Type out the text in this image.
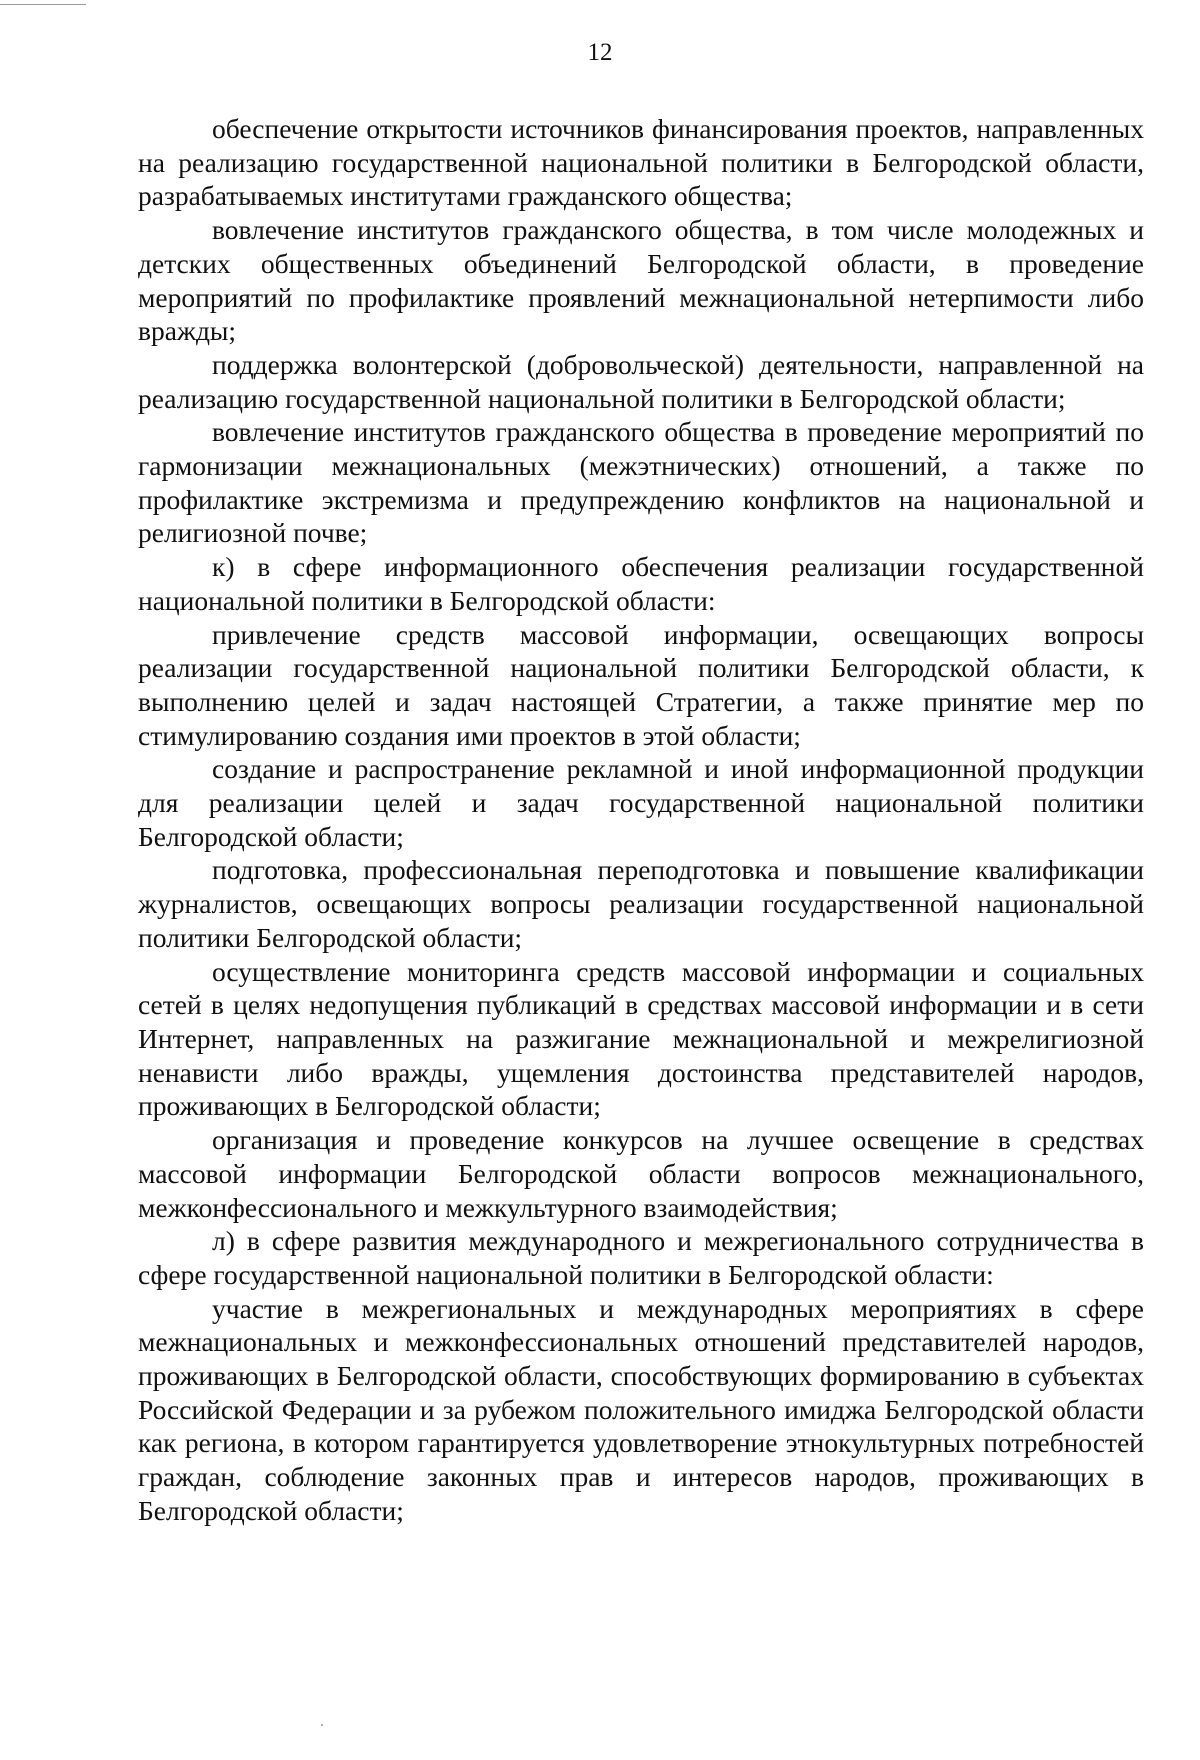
12

обеспечение открытости источников финансирования проектов, направленных на реализацию государственной национальной политики в Белгородской области, разрабатываемых институтами гражданского общества;

вовлечение институтов гражданского общества, в том числе молодежных и детских общественных объединений Белгородской области, в проведение мероприятий по профилактике проявлений межнациональной нетерпимости либо вражды;

поддержка волонтерской (добровольческой) деятельности, направленной на реализацию государственной национальной политики в Белгородской области;

вовлечение институтов гражданского общества в проведение мероприятий по гармонизации межнациональных (межэтнических) отношений, а также по профилактике экстремизма и предупреждению конфликтов на национальной и религиозной почве;

к) в сфере информационного обеспечения реализации государственной национальной политики в Белгородской области:

привлечение средств массовой информации, освещающих вопросы реализации государственной национальной политики Белгородской области, к выполнению целей и задач настоящей Стратегии, а также принятие мер по стимулированию создания ими проектов в этой области;

создание и распространение рекламной и иной информационной продукции для реализации целей и задач государственной национальной политики Белгородской области;

подготовка, профессиональная переподготовка и повышение квалификации журналистов, освещающих вопросы реализации государственной национальной политики Белгородской области;

осуществление мониторинга средств массовой информации и социальных сетей в целях недопущения публикаций в средствах массовой информации и в сети Интернет, направленных на разжигание межнациональной и межрелигиозной ненависти либо вражды, ущемления достоинства представителей народов, проживающих в Белгородской области;

организация и проведение конкурсов на лучшее освещение в средствах массовой информации Белгородской области вопросов межнационального, межконфессионального и межкультурного взаимодействия;

л) в сфере развития международного и межрегионального сотрудничества в сфере государственной национальной политики в Белгородской области:

участие в межрегиональных и международных мероприятиях в сфере межнациональных и межконфессиональных отношений представителей народов, проживающих в Белгородской области, способствующих формированию в субъектах Российской Федерации и за рубежом положительного имиджа Белгородской области как региона, в котором гарантируется удовлетворение этнокультурных потребностей граждан, соблюдение законных прав и интересов народов, проживающих в Белгородской области;
